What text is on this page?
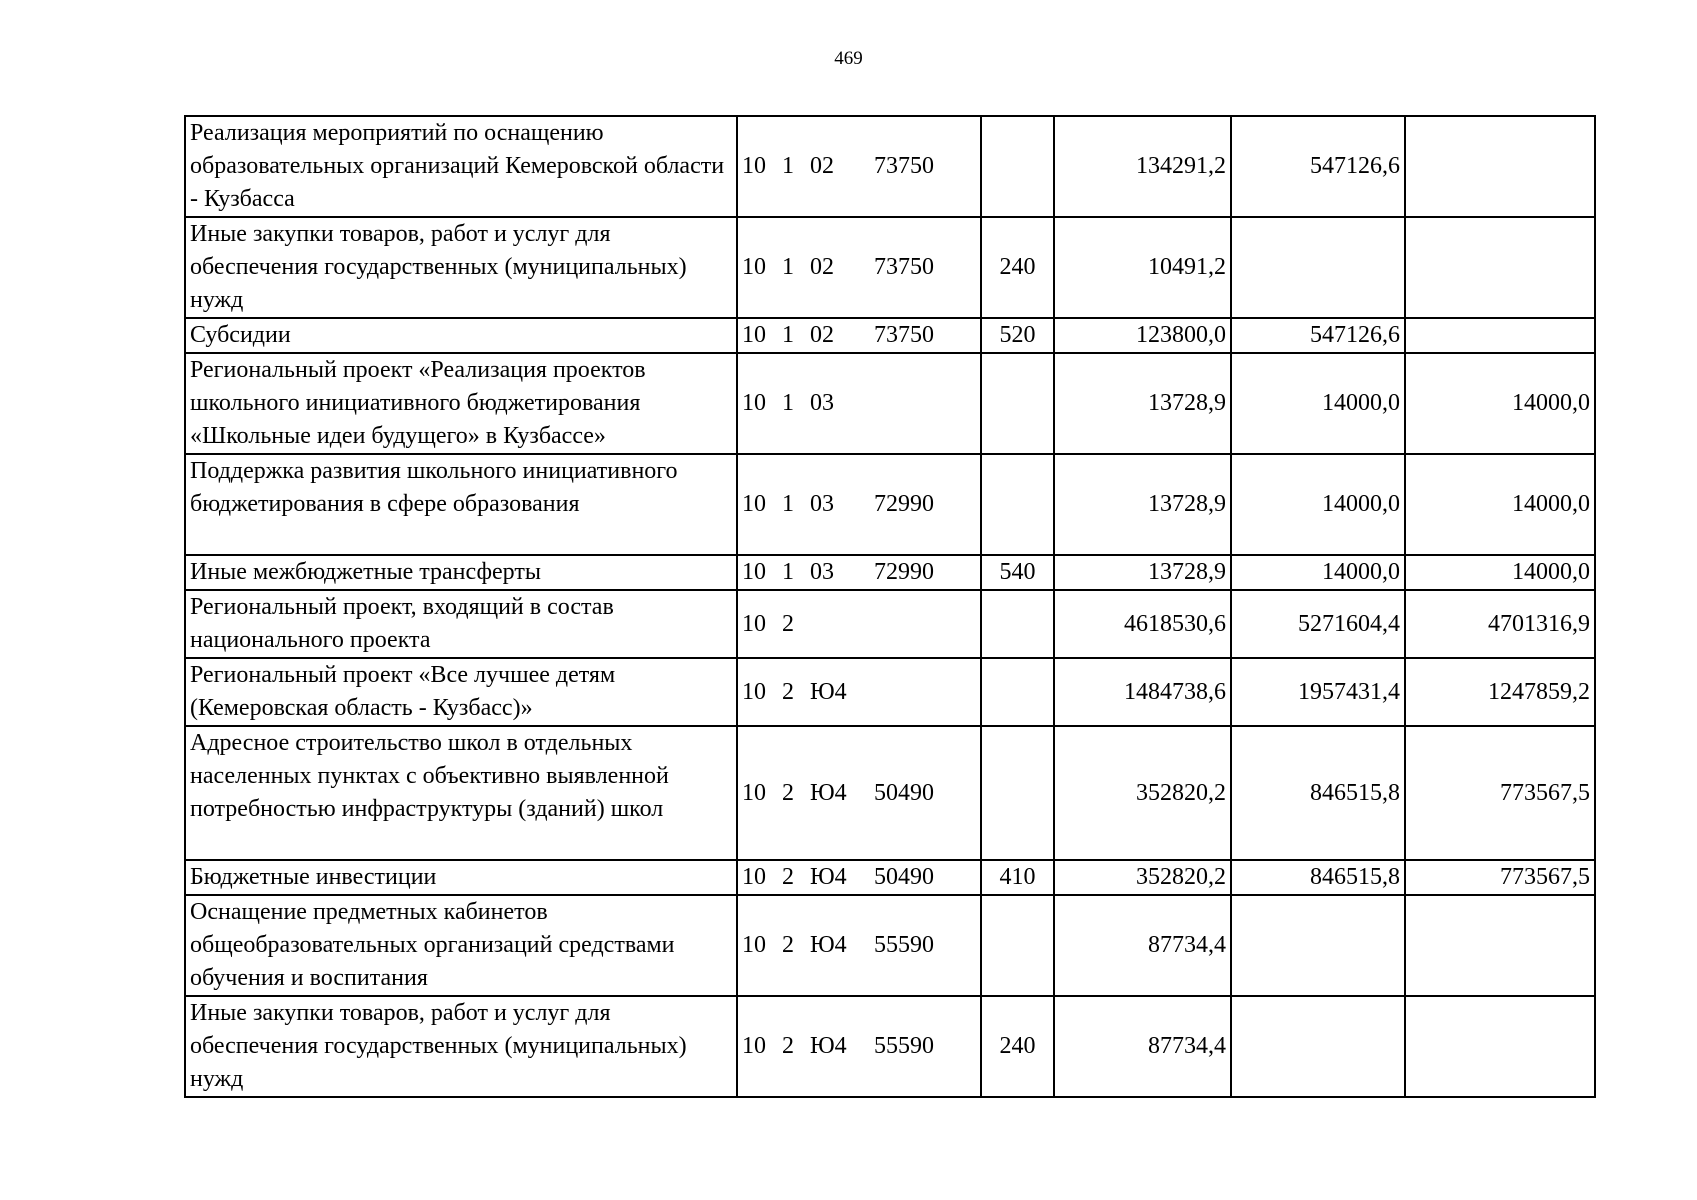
469
Реализация мероприятий по оснащению образовательных организаций Кемеровской области - Кузбасса	10 1 02 73750		134291,2	547126,6	
Иные закупки товаров, работ и услуг для обеспечения государственных (муниципальных) нужд	10 1 02 73750	240	10491,2		
Субсидии	10 1 02 73750	520	123800,0	547126,6	
Региональный проект «Реализация проектов школьного инициативного бюджетирования «Школьные идеи будущего» в Кузбассе»	10 1 03		13728,9	14000,0	14000,0
Поддержка развития школьного инициативного бюджетирования в сфере образования	10 1 03 72990		13728,9	14000,0	14000,0
Иные межбюджетные трансферты	10 1 03 72990	540	13728,9	14000,0	14000,0
Региональный проект, входящий в состав национального проекта	10 2		4618530,6	5271604,4	4701316,9
Региональный проект «Все лучшее детям (Кемеровская область - Кузбасс)»	10 2 Ю4		1484738,6	1957431,4	1247859,2
Адресное строительство школ в отдельных населенных пунктах с объективно выявленной потребностью инфраструктуры (зданий) школ	10 2 Ю4 50490		352820,2	846515,8	773567,5
Бюджетные инвестиции	10 2 Ю4 50490	410	352820,2	846515,8	773567,5
Оснащение предметных кабинетов общеобразовательных организаций средствами обучения и воспитания	10 2 Ю4 55590		87734,4		
Иные закупки товаров, работ и услуг для обеспечения государственных (муниципальных) нужд	10 2 Ю4 55590	240	87734,4		
